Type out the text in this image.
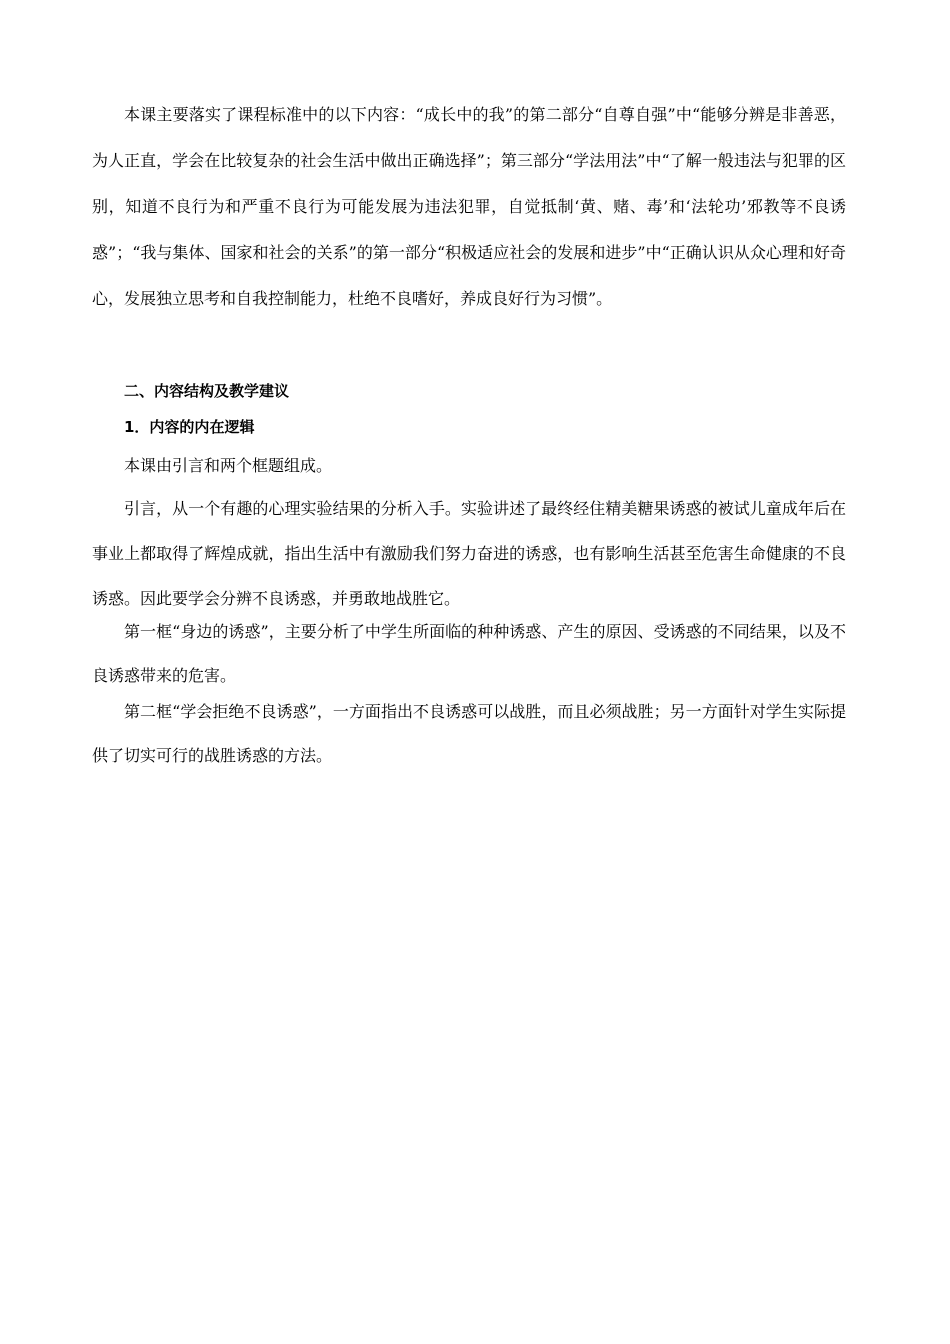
本课主要落实了课程标准中的以下内容：“成长中的我”的第二部分“自尊自强”中“能够分辨是非善恶，为人正直，学会在比较复杂的社会生活中做出正确选择”；第三部分“学法用法”中“了解一般违法与犯罪的区别，知道不良行为和严重不良行为可能发展为违法犯罪，自觉抵制‘黄、赌、毒’和‘法轮功’邪教等不良诱惑”；“我与集体、国家和社会的关系”的第一部分“积极适应社会的发展和进步”中“正确认识从众心理和好奇心，发展独立思考和自我控制能力，杜绝不良嗜好，养成良好行为习惯”。

二、内容结构及教学建议

1．内容的内在逻辑

本课由引言和两个框题组成。

引言，从一个有趣的心理实验结果的分析入手。实验讲述了最终经住精美糖果诱惑的被试儿童成年后在事业上都取得了辉煌成就，指出生活中有激励我们努力奋进的诱惑，也有影响生活甚至危害生命健康的不良诱惑。因此要学会分辨不良诱惑，并勇敢地战胜它。

第一框“身边的诱惑”，主要分析了中学生所面临的种种诱惑、产生的原因、受诱惑的不同结果，以及不良诱惑带来的危害。

第二框“学会拒绝不良诱惑”，一方面指出不良诱惑可以战胜，而且必须战胜；另一方面针对学生实际提供了切实可行的战胜诱惑的方法。
